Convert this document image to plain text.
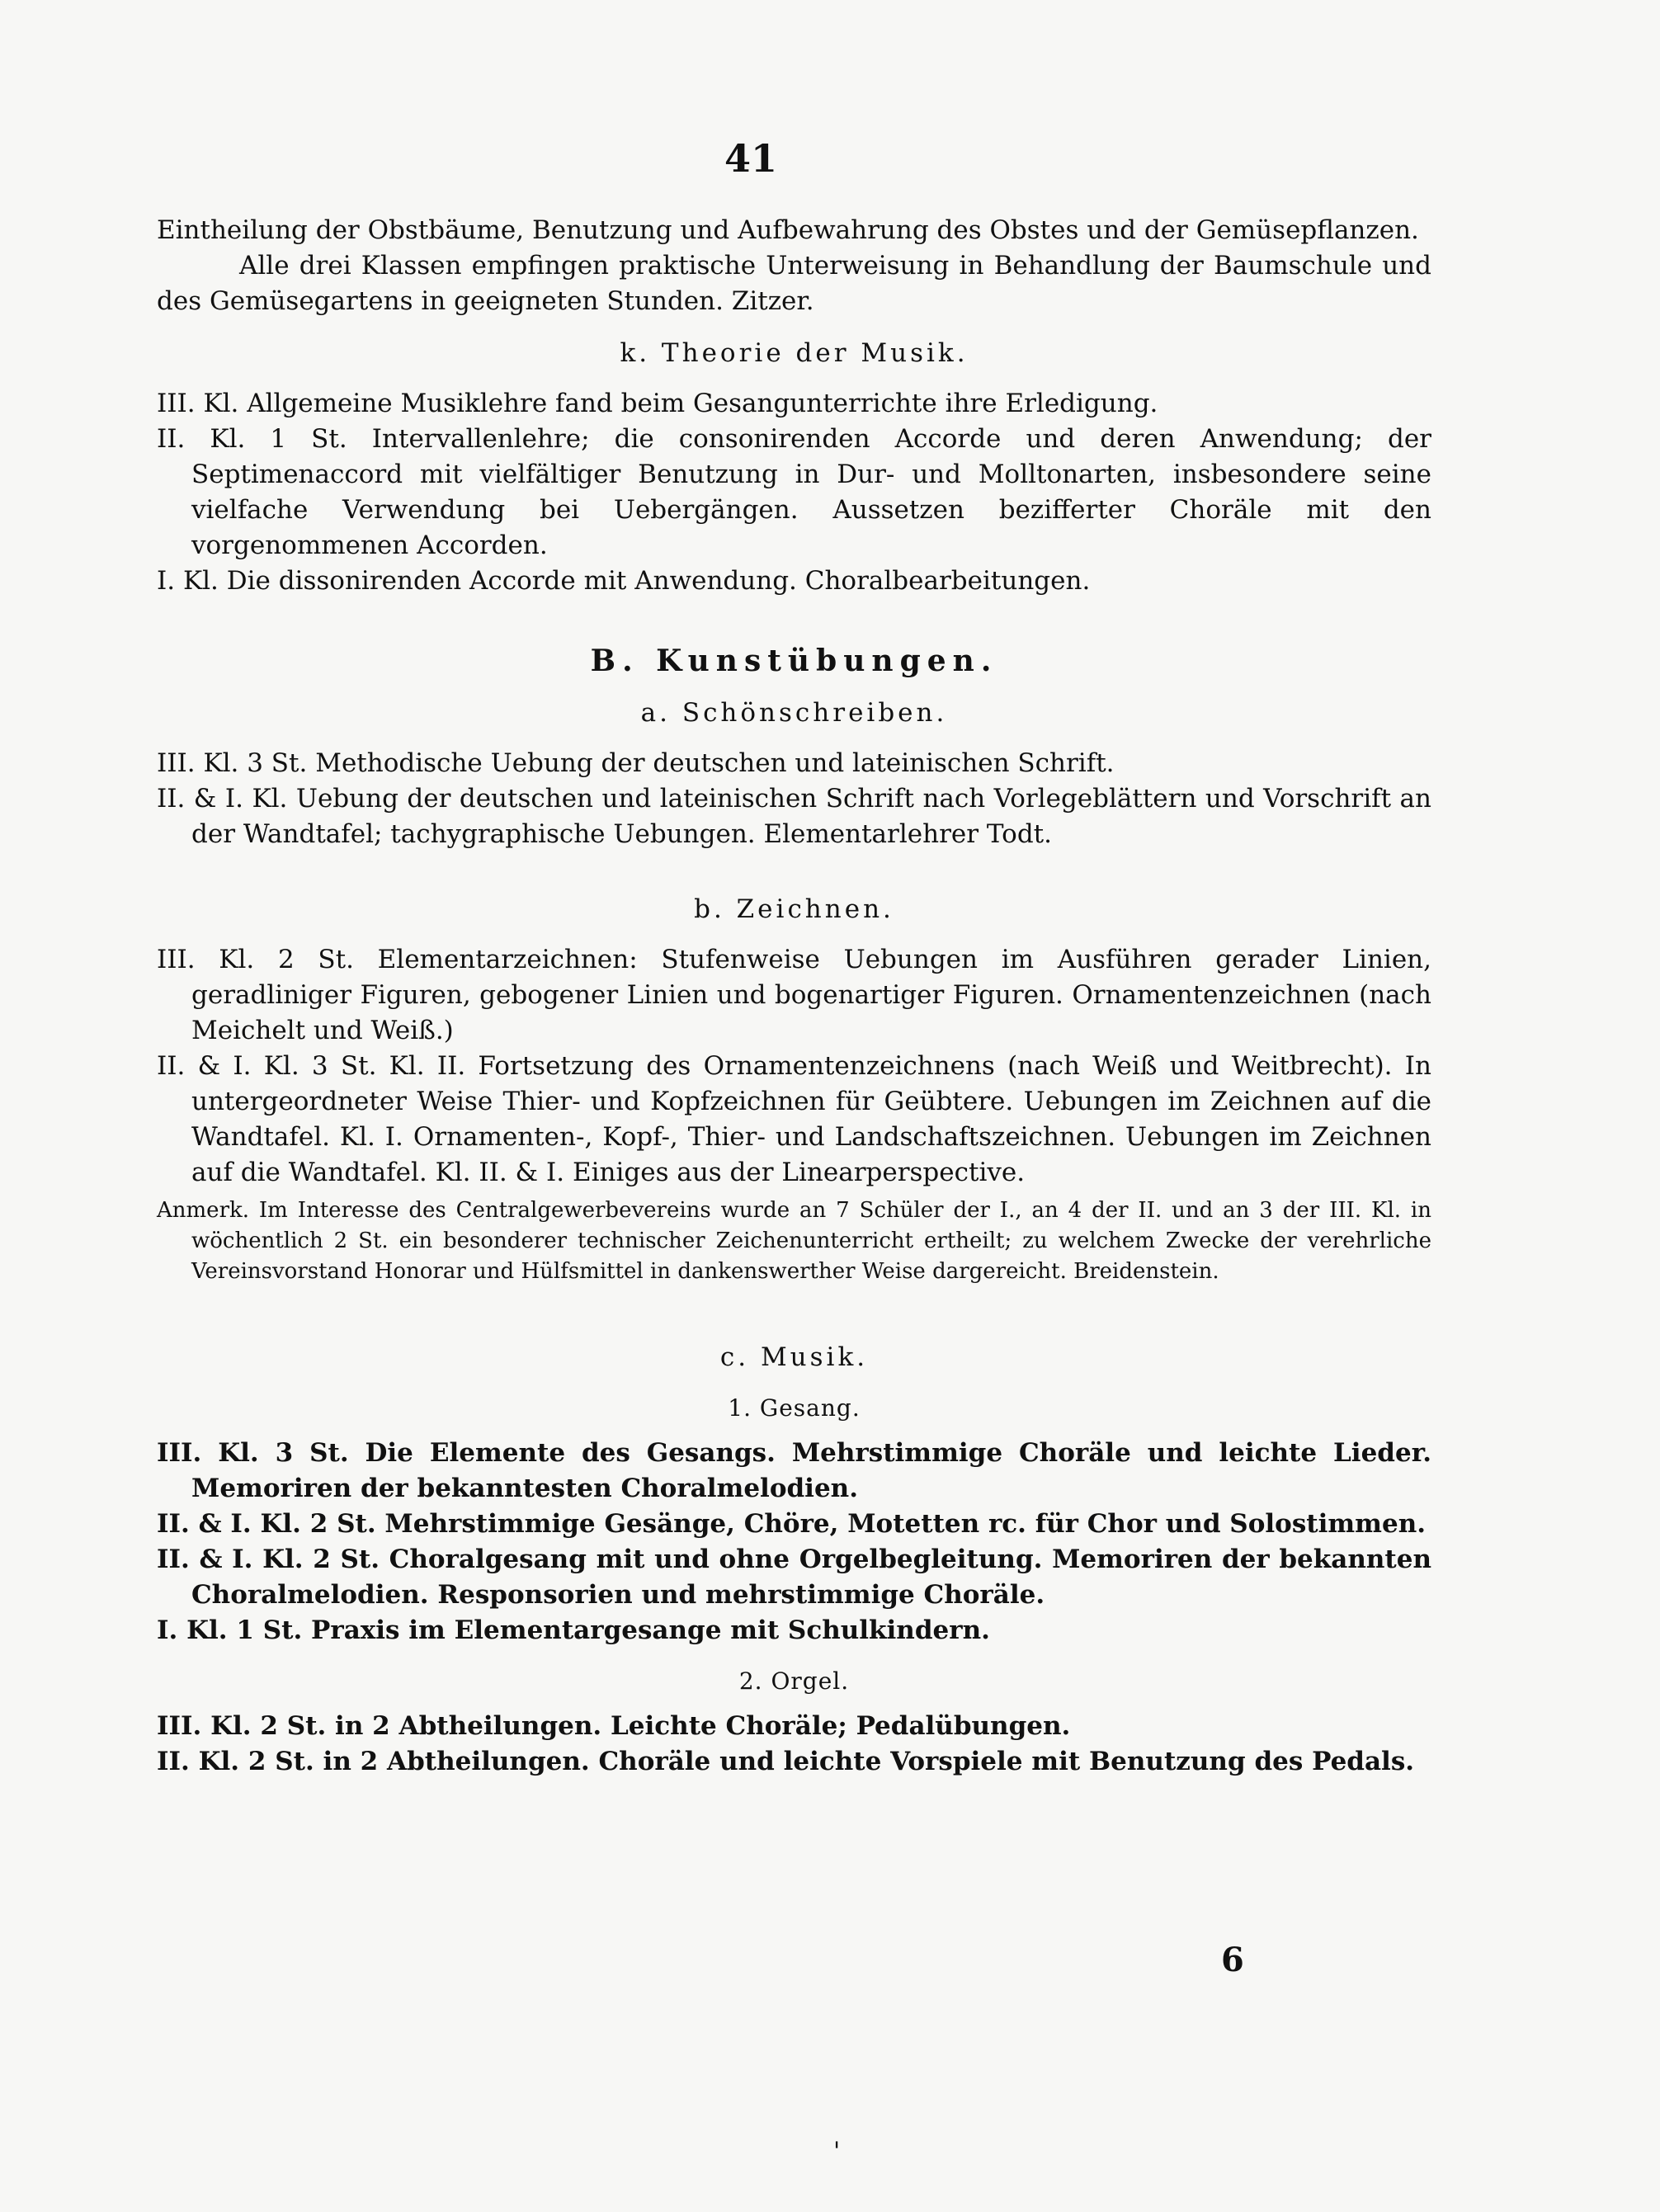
41

Eintheilung der Obstbäume, Benutzung und Aufbewahrung des Obstes und der Gemüsepflanzen.

Alle drei Klassen empfingen praktische Unterweisung in Behandlung der Baumschule und des Gemüsegartens in geeigneten Stunden. Zitzer.

k. Theorie der Musik.

III. Kl. Allgemeine Musiklehre fand beim Gesangunterrichte ihre Erledigung.

II. Kl. 1 St. Intervallenlehre; die consonirenden Accorde und deren Anwendung; der Septimenaccord mit vielfältiger Benutzung in Dur- und Molltonarten, insbesondere seine vielfache Verwendung bei Uebergängen. Aussetzen bezifferter Choräle mit den vorgenommenen Accorden.

I. Kl. Die dissonirenden Accorde mit Anwendung. Choralbearbeitungen.

B. Kunstübungen.
a. Schönschreiben.

III. Kl. 3 St. Methodische Uebung der deutschen und lateinischen Schrift.

II. & I. Kl. Uebung der deutschen und lateinischen Schrift nach Vorlegeblättern und Vorschrift an der Wandtafel; tachygraphische Uebungen. Elementarlehrer Todt.

b. Zeichnen.

III. Kl. 2 St. Elementarzeichnen: Stufenweise Uebungen im Ausführen gerader Linien, geradliniger Figuren, gebogener Linien und bogenartiger Figuren. Ornamentenzeichnen (nach Meichelt und Weiß.)

II. & I. Kl. 3 St. Kl. II. Fortsetzung des Ornamentenzeichnens (nach Weiß und Weitbrecht). In untergeordneter Weise Thier- und Kopfzeichnen für Geübtere. Uebungen im Zeichnen auf die Wandtafel. Kl. I. Ornamenten-, Kopf-, Thier- und Landschaftszeichnen. Uebungen im Zeichnen auf die Wandtafel. Kl. II. & I. Einiges aus der Linearperspective.

Anmerk. Im Interesse des Centralgewerbevereins wurde an 7 Schüler der I., an 4 der II. und an 3 der III. Kl. in wöchentlich 2 St. ein besonderer technischer Zeichenunterricht ertheilt; zu welchem Zwecke der verehrliche Vereinsvorstand Honorar und Hülfsmittel in dankenswerther Weise dargereicht. Breidenstein.

c. Musik.
1. Gesang.

III. Kl. 3 St. Die Elemente des Gesangs. Mehrstimmige Choräle und leichte Lieder. Memoriren der bekanntesten Choralmelodien.

II. & I. Kl. 2 St. Mehrstimmige Gesänge, Chöre, Motetten rc. für Chor und Solostimmen.

II. & I. Kl. 2 St. Choralgesang mit und ohne Orgelbegleitung. Memoriren der bekannten Choralmelodien. Responsorien und mehrstimmige Choräle.

I. Kl. 1 St. Praxis im Elementargesange mit Schulkindern.

2. Orgel.

III. Kl. 2 St. in 2 Abtheilungen. Leichte Choräle; Pedalübungen.

II. Kl. 2 St. in 2 Abtheilungen. Choräle und leichte Vorspiele mit Benutzung des Pedals.

6
'
